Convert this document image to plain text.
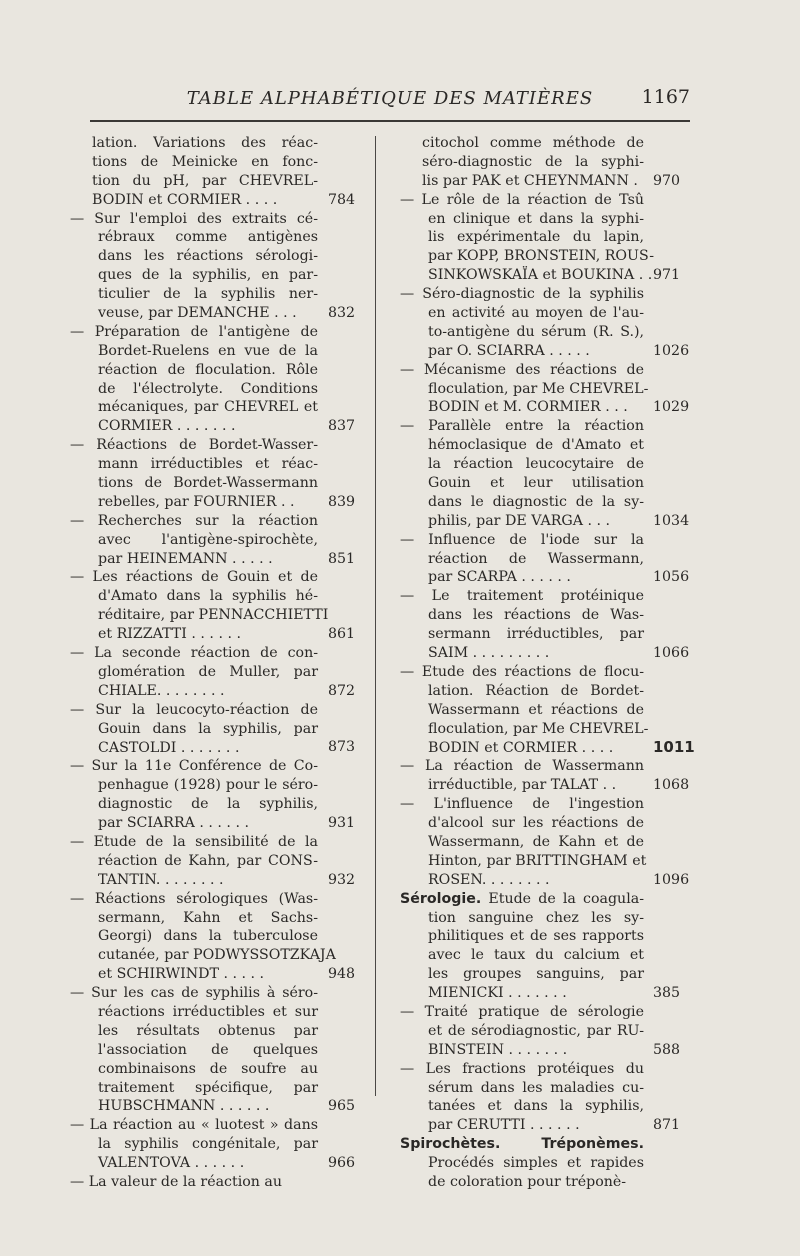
TABLE ALPHABÉTIQUE DES MATIÈRES	1167
lation. Variations des réac-
tions de Meinicke en fonc-
tion du pH, par CHEVREL-
BODIN et CORMIER . . . .	784
— Sur l'emploi des extraits cé-
rébraux comme antigènes
dans les réactions sérologi-
ques de la syphilis, en par-
ticulier de la syphilis ner-
veuse, par DEMANCHE . . .	832
— Préparation de l'antigène de
Bordet-Ruelens en vue de la
réaction de floculation. Rôle
de l'électrolyte. Conditions
mécaniques, par CHEVREL et
CORMIER . . . . . . .	837
— Réactions de Bordet-Wasser-
mann irréductibles et réac-
tions de Bordet-Wassermann
rebelles, par FOURNIER . .	839
— Recherches sur la réaction
avec l'antigène-spirochète,
par HEINEMANN . . . . .	851
— Les réactions de Gouin et de
d'Amato dans la syphilis hé-
réditaire, par PENNACCHIETTI
et RIZZATTI . . . . . .	861
— La seconde réaction de con-
glomération de Muller, par
CHIALE. . . . . . . .	872
— Sur la leucocyto-réaction de
Gouin dans la syphilis, par
CASTOLDI . . . . . . .	873
— Sur la 11e Conférence de Co-
penhague (1928) pour le séro-
diagnostic de la syphilis,
par SCIARRA . . . . . .	931
— Etude de la sensibilité de la
réaction de Kahn, par CONS-
TANTIN. . . . . . . .	932
— Réactions sérologiques (Was-
sermann, Kahn et Sachs-
Georgi) dans la tuberculose
cutanée, par PODWYSSOTZKAJA
et SCHIRWINDT . . . . .	948
— Sur les cas de syphilis à séro-
réactions irréductibles et sur
les résultats obtenus par
l'association de quelques
combinaisons de soufre au
traitement spécifique, par
HUBSCHMANN . . . . . .	965
— La réaction au « luotest » dans
la syphilis congénitale, par
VALENTOVA . . . . . .	966
— La valeur de la réaction au
citochol comme méthode de
séro-diagnostic de la syphi-
lis par PAK et CHEYNMANN .	970
— Le rôle de la réaction de Tsû
en clinique et dans la syphi-
lis expérimentale du lapin,
par KOPP, BRONSTEIN, ROUS-
SINKOWSKAÏA et BOUKINA . . 971
— Séro-diagnostic de la syphilis
en activité au moyen de l'au-
to-antigène du sérum (R. S.),
par O. SCIARRA . . . . .	1026
— Mécanisme des réactions de
floculation, par Me CHEVREL-
BODIN et M. CORMIER . . .	1029
— Parallèle entre la réaction
hémoclasique de d'Amato et
la réaction leucocytaire de
Gouin et leur utilisation
dans le diagnostic de la sy-
philis, par DE VARGA . . .	1034
— Influence de l'iode sur la
réaction de Wassermann,
par SCARPA . . . . . .	1056
— Le traitement protéinique
dans les réactions de Was-
sermann irréductibles, par
SAIM . . . . . . . . .	1066
— Etude des réactions de flocu-
lation. Réaction de Bordet-
Wassermann et réactions de
floculation, par Me CHEVREL-
BODIN et CORMIER . . . .	1011
— La réaction de Wassermann
irréductible, par TALAT . .	1068
— L'influence de l'ingestion
d'alcool sur les réactions de
Wassermann, de Kahn et de
Hinton, par BRITTINGHAM et
ROSEN. . . . . . . .	1096
Sérologie. Etude de la coagula-
tion sanguine chez les sy-
philitiques et de ses rapports
avec le taux du calcium et
les groupes sanguins, par
MIENICKI . . . . . . .	385
— Traité pratique de sérologie
et de sérodiagnostic, par RU-
BINSTEIN . . . . . . .	588
— Les fractions protéiques du
sérum dans les maladies cu-
tanées et dans la syphilis,
par CERUTTI . . . . . .	871
Spirochètes. Tréponèmes.
Procédés simples et rapides
de coloration pour tréponè-
